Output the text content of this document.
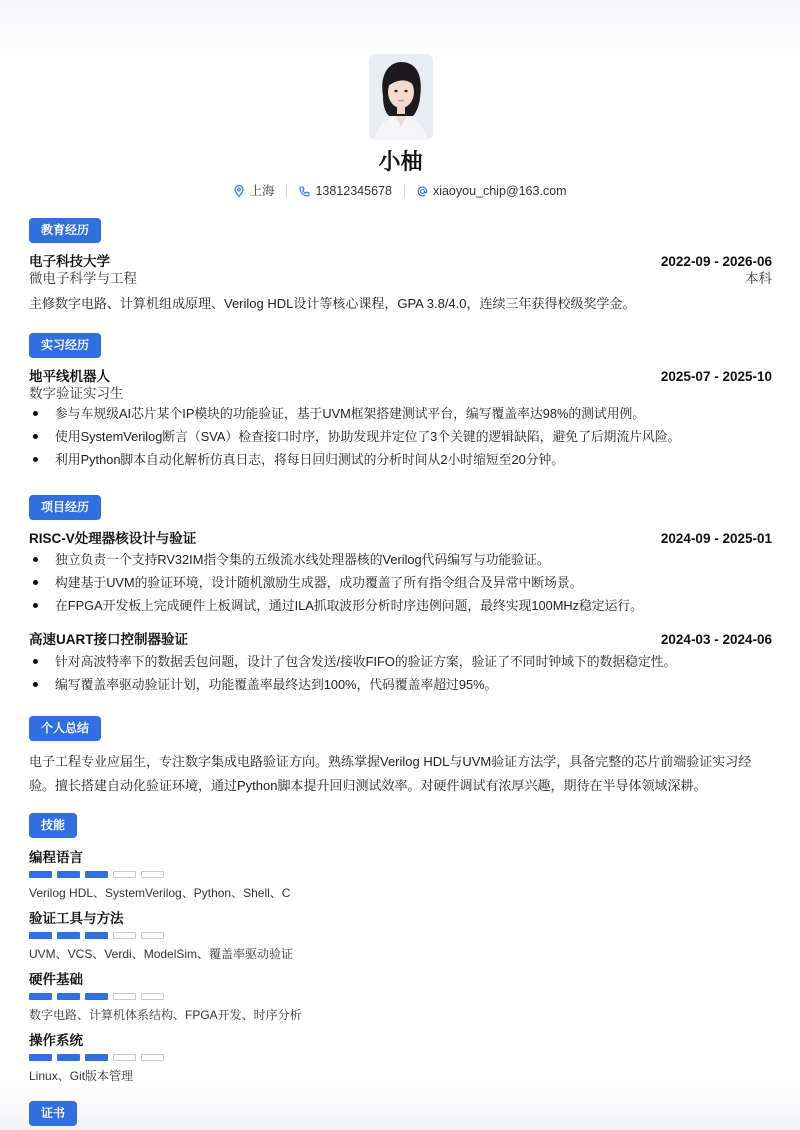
小柚
上海	13812345678	xiaoyou_chip@163.com
教育经历
电子科技大学	2022-09 - 2026-06
微电子科学与工程	本科
主修数字电路、计算机组成原理、Verilog HDL设计等核心课程，GPA 3.8/4.0，连续三年获得校级奖学金。
实习经历
地平线机器人	2025-07 - 2025-10
数字验证实习生
参与车规级AI芯片某个IP模块的功能验证，基于UVM框架搭建测试平台，编写覆盖率达98%的测试用例。
使用SystemVerilog断言（SVA）检查接口时序，协助发现并定位了3个关键的逻辑缺陷，避免了后期流片风险。
利用Python脚本自动化解析仿真日志，将每日回归测试的分析时间从2小时缩短至20分钟。
项目经历
RISC-V处理器核设计与验证	2024-09 - 2025-01
独立负责一个支持RV32IM指令集的五级流水线处理器核的Verilog代码编写与功能验证。
构建基于UVM的验证环境，设计随机激励生成器，成功覆盖了所有指令组合及异常中断场景。
在FPGA开发板上完成硬件上板调试，通过ILA抓取波形分析时序违例问题，最终实现100MHz稳定运行。
高速UART接口控制器验证	2024-03 - 2024-06
针对高波特率下的数据丢包问题，设计了包含发送/接收FIFO的验证方案，验证了不同时钟域下的数据稳定性。
编写覆盖率驱动验证计划，功能覆盖率最终达到100%，代码覆盖率超过95%。
个人总结
电子工程专业应届生，专注数字集成电路验证方向。熟练掌握Verilog HDL与UVM验证方法学，具备完整的芯片前端验证实习经验。擅长搭建自动化验证环境，通过Python脚本提升回归测试效率。对硬件调试有浓厚兴趣，期待在半导体领域深耕。
技能
编程语言
Verilog HDL、SystemVerilog、Python、Shell、C
验证工具与方法
UVM、VCS、Verdi、ModelSim、覆盖率驱动验证
硬件基础
数字电路、计算机体系结构、FPGA开发、时序分析
操作系统
Linux、Git版本管理
证书
